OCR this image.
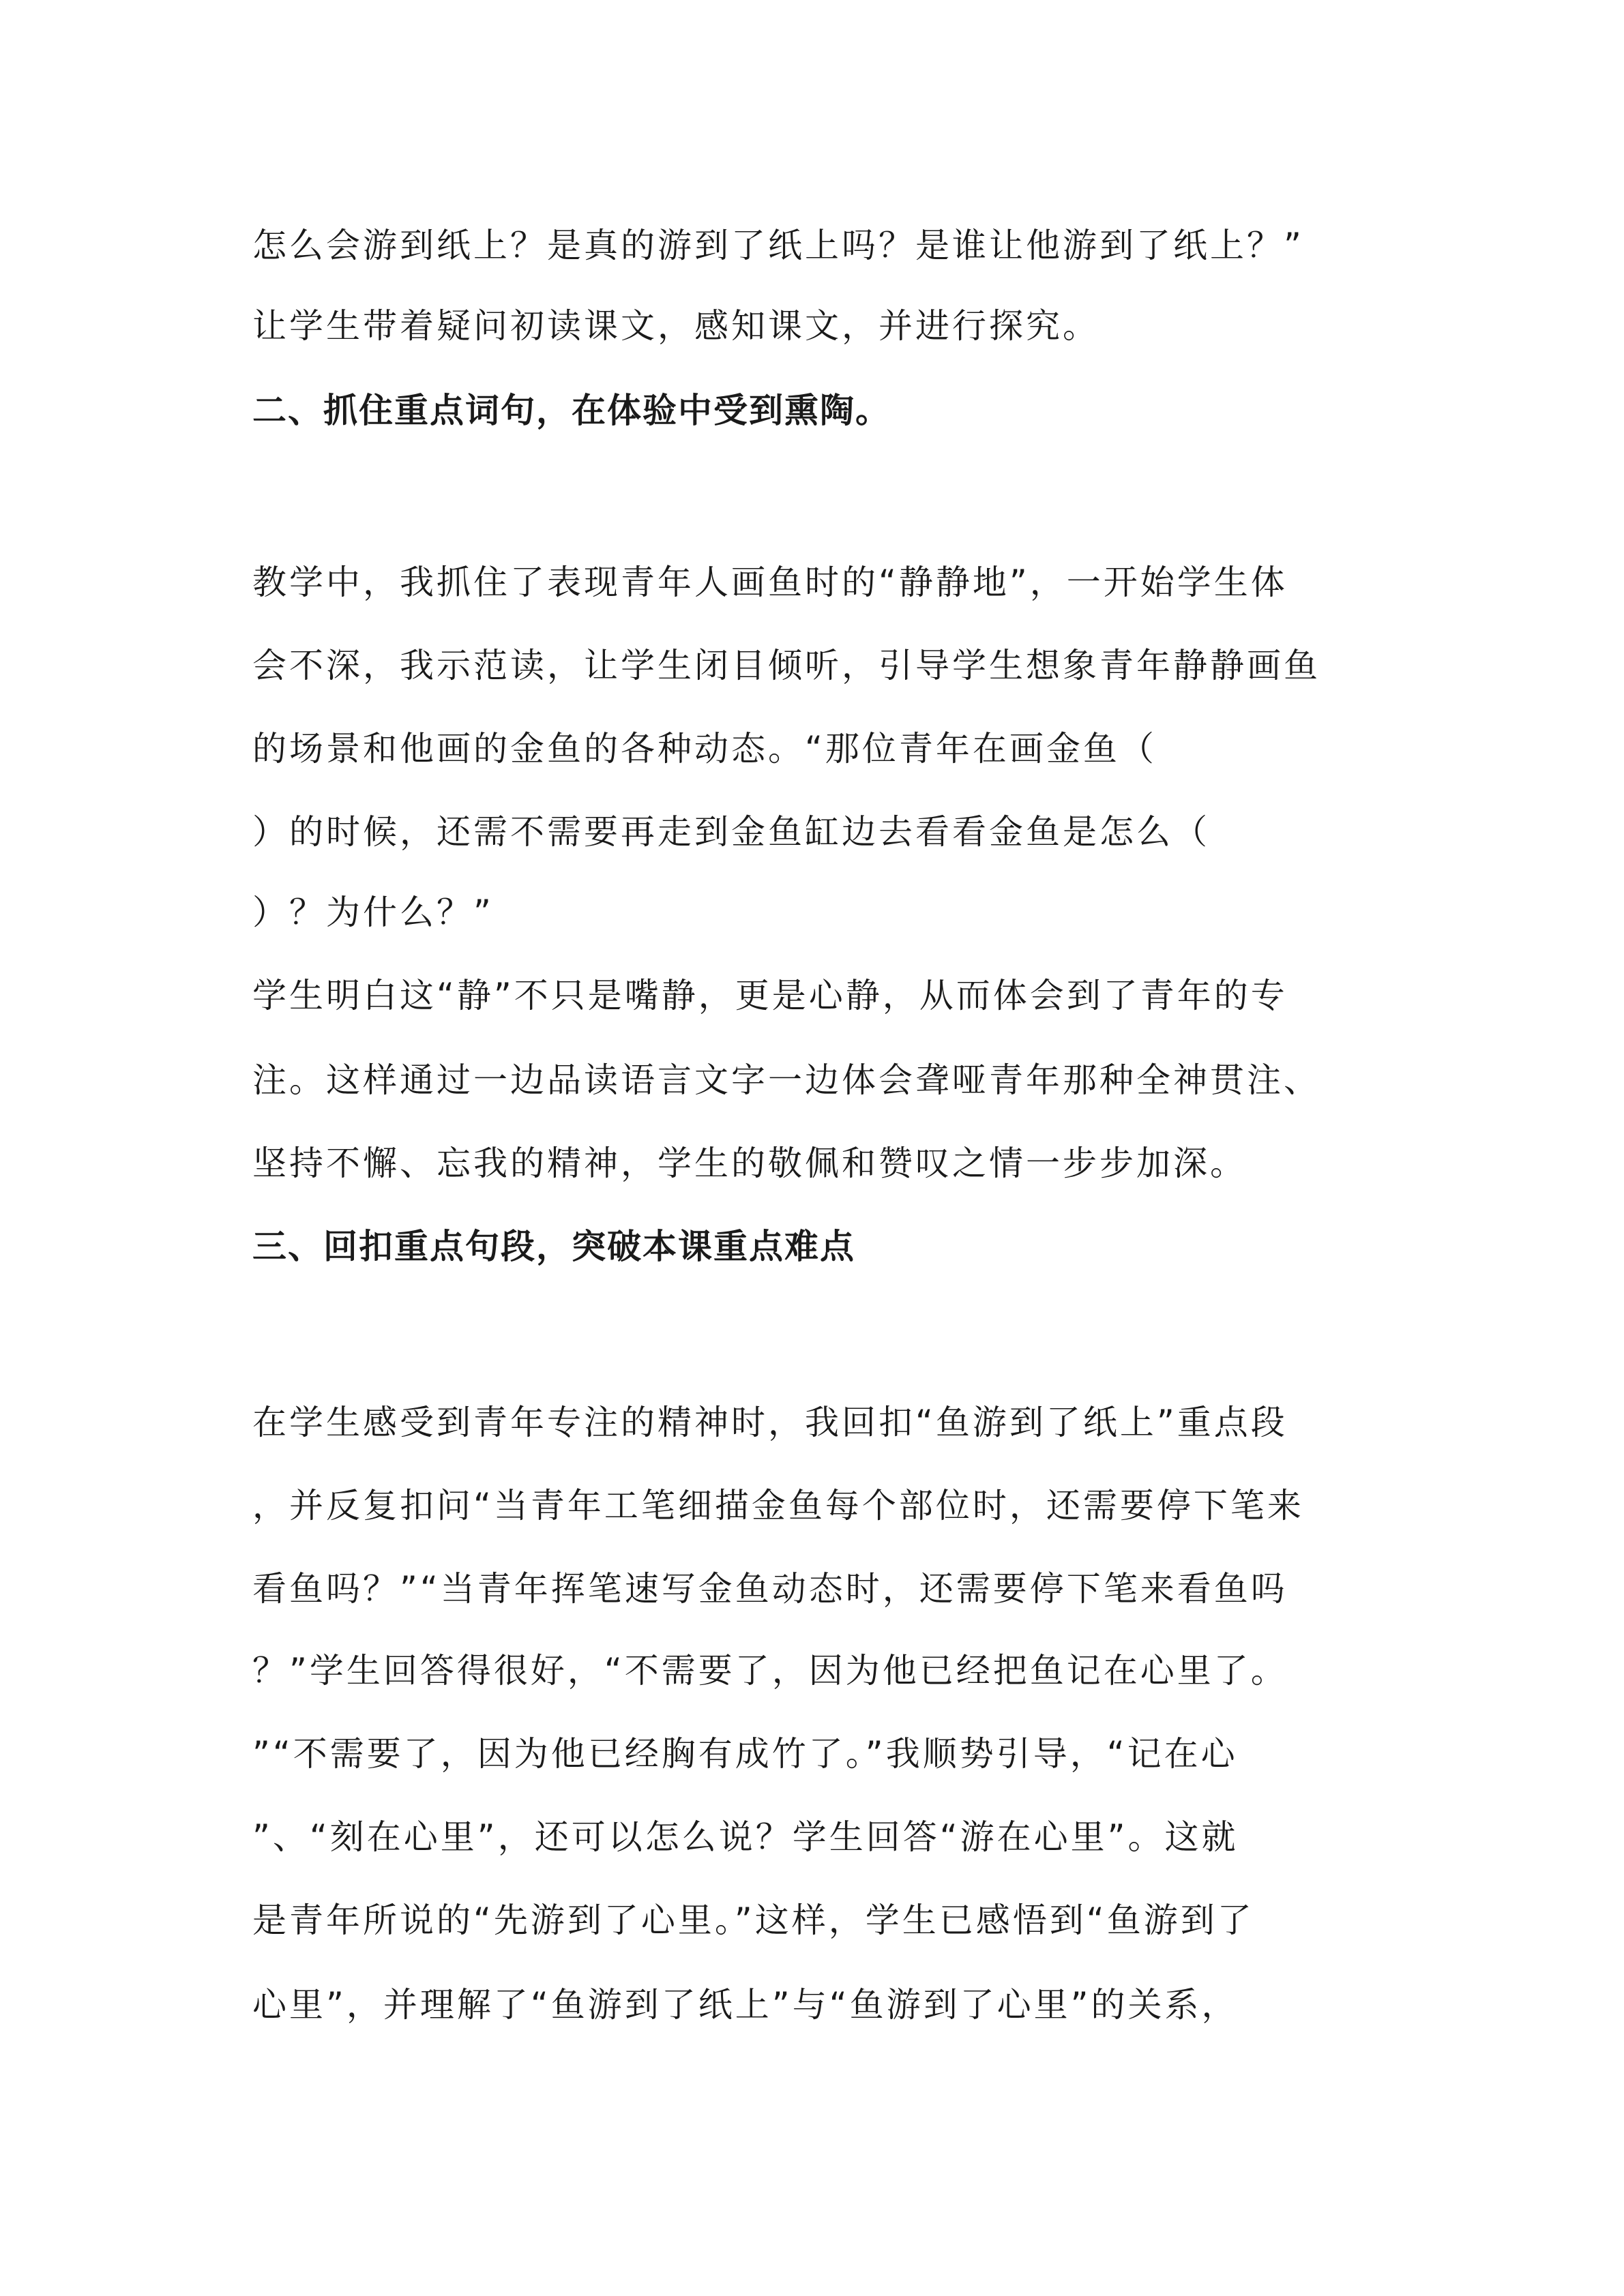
怎么会游到纸上？是真的游到了纸上吗？是谁让他游到了纸上？”
让学生带着疑问初读课文，感知课文，并进行探究。
二、抓住重点词句，在体验中受到熏陶。
教学中，我抓住了表现青年人画鱼时的“静静地”，一开始学生体
会不深，我示范读，让学生闭目倾听，引导学生想象青年静静画鱼
的场景和他画的金鱼的各种动态。“那位青年在画金鱼（
）的时候，还需不需要再走到金鱼缸边去看看金鱼是怎么（
）？为什么？”
学生明白这“静”不只是嘴静，更是心静，从而体会到了青年的专
注。这样通过一边品读语言文字一边体会聋哑青年那种全神贯注、
坚持不懈、忘我的精神，学生的敬佩和赞叹之情一步步加深。
三、回扣重点句段，突破本课重点难点
在学生感受到青年专注的精神时，我回扣“鱼游到了纸上”重点段
，并反复扣问“当青年工笔细描金鱼每个部位时，还需要停下笔来
看鱼吗？”“当青年挥笔速写金鱼动态时，还需要停下笔来看鱼吗
？”学生回答得很好，“不需要了，因为他已经把鱼记在心里了。
”“不需要了，因为他已经胸有成竹了。”我顺势引导，“记在心
”、“刻在心里”，还可以怎么说？学生回答“游在心里”。这就
是青年所说的“先游到了心里。”这样，学生已感悟到“鱼游到了
心里”，并理解了“鱼游到了纸上”与“鱼游到了心里”的关系，
